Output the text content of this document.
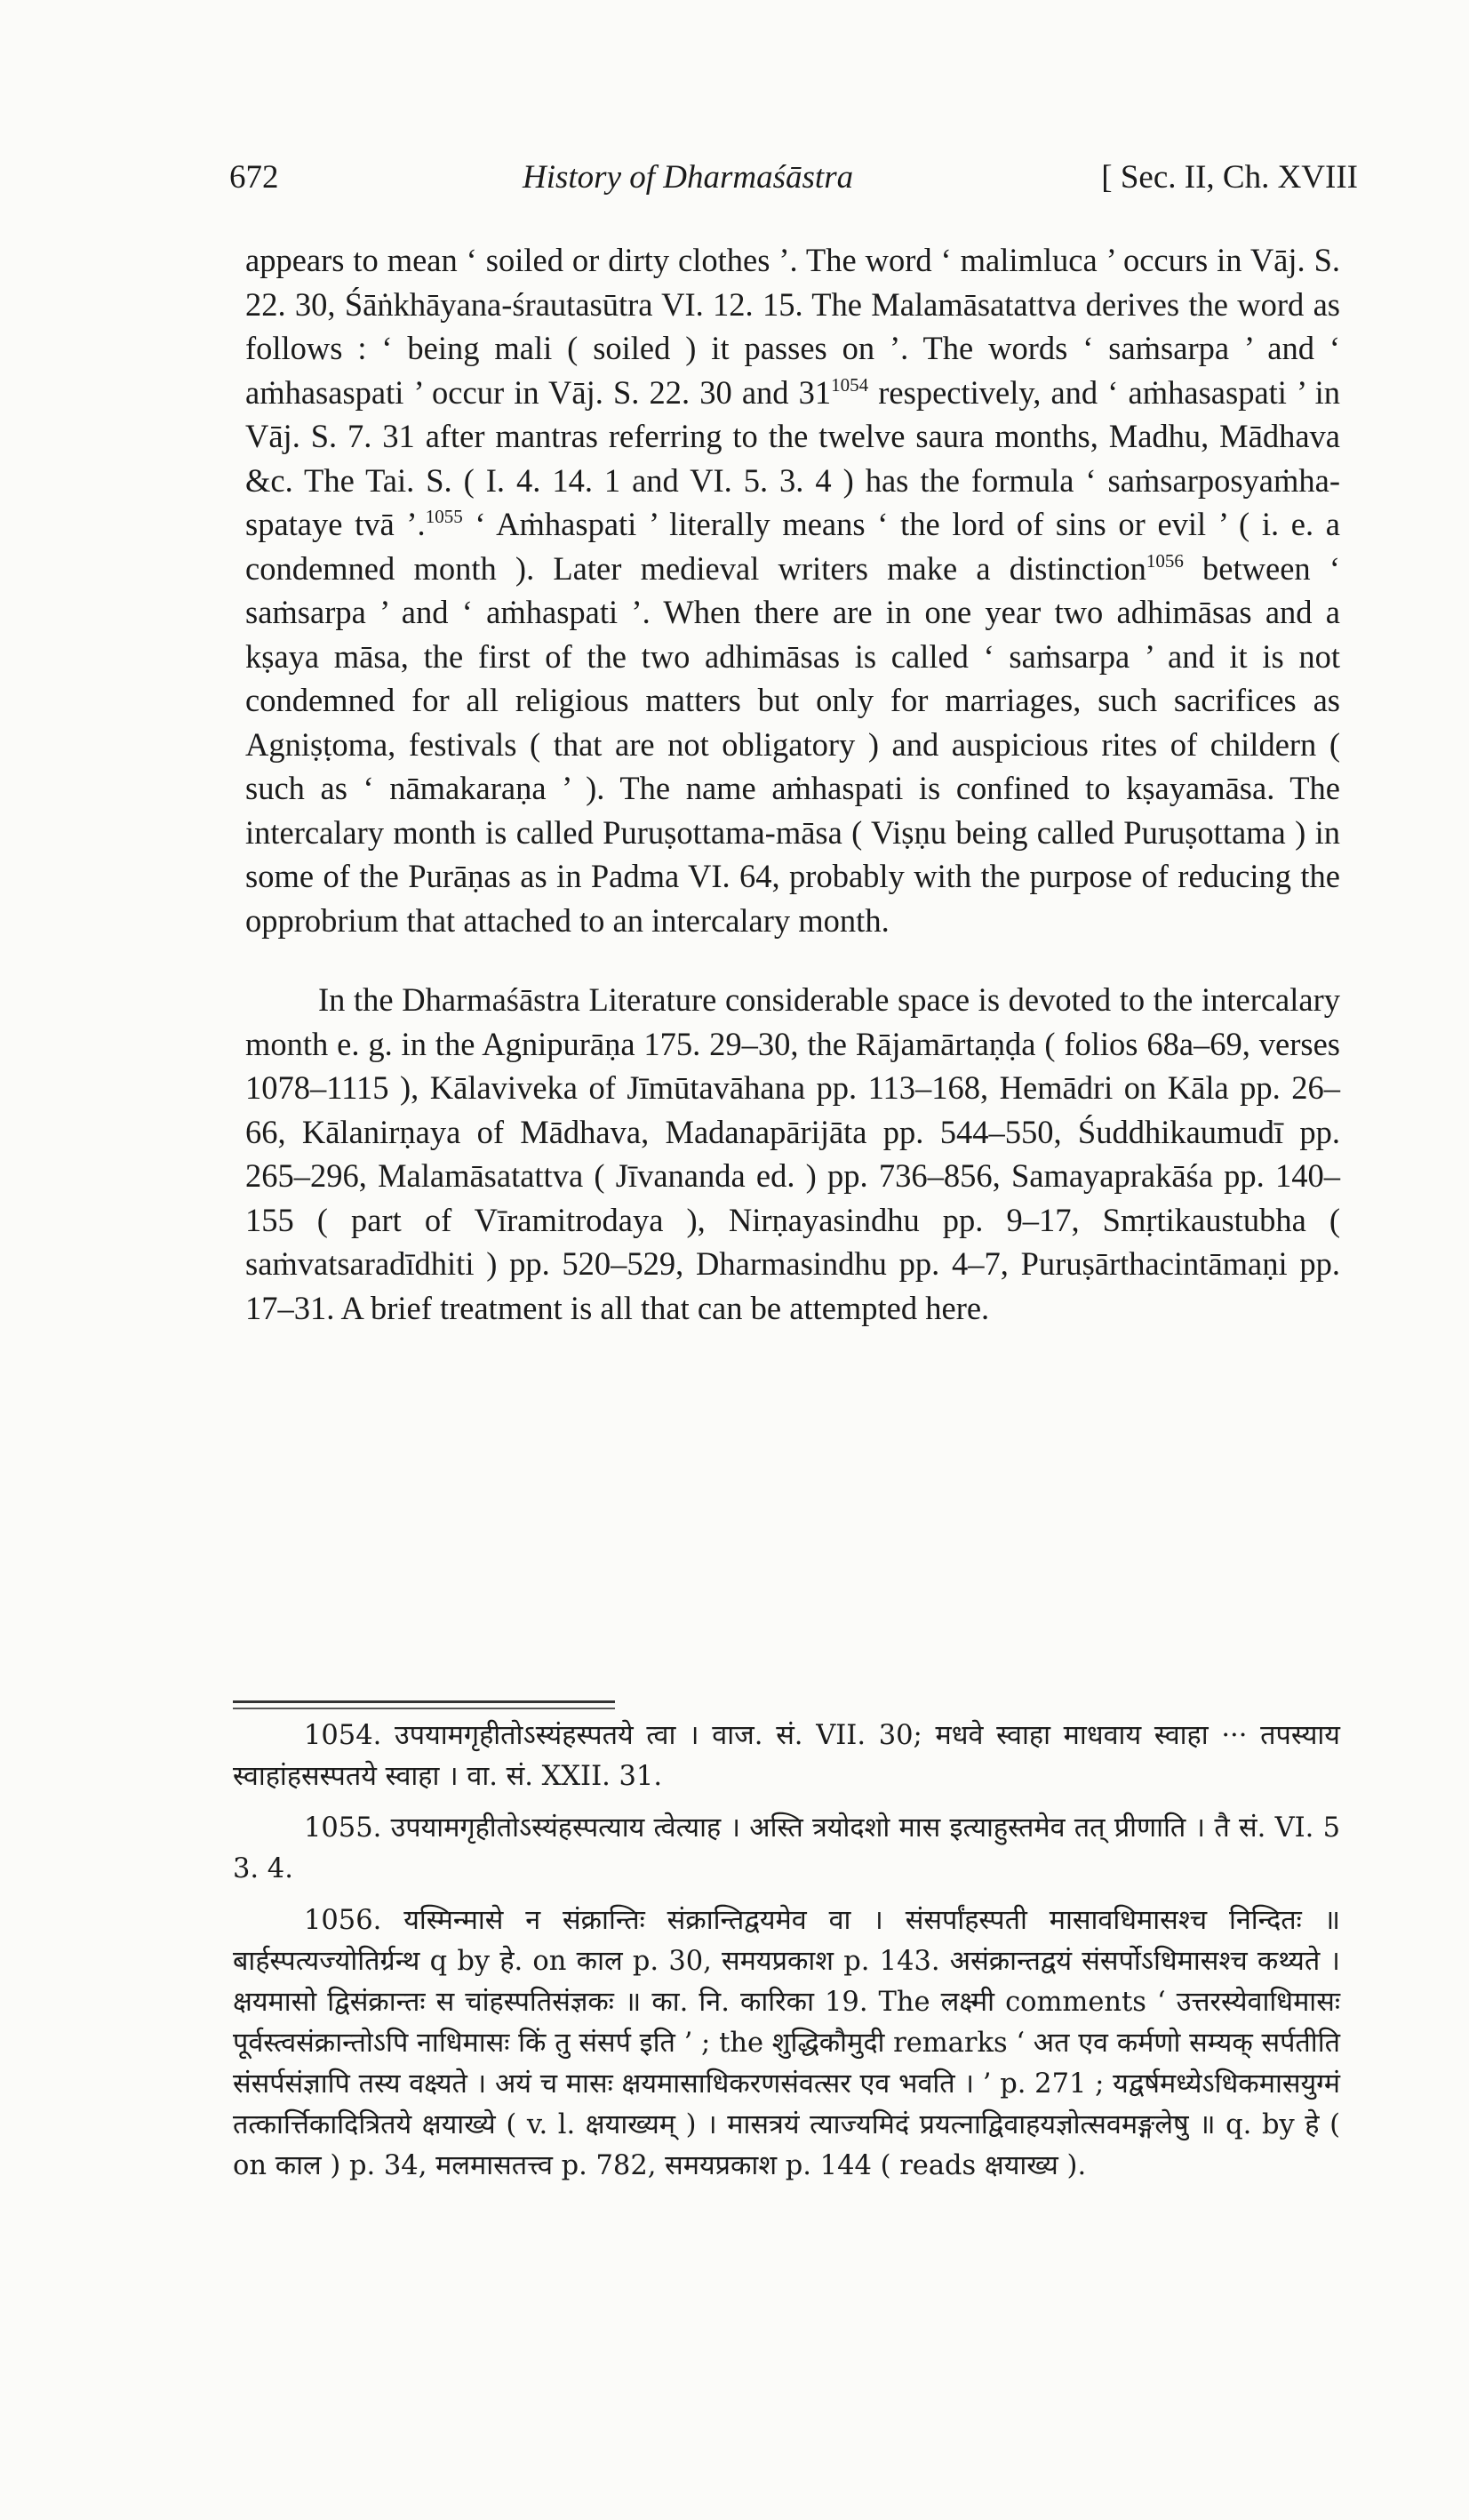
672	History of Dharmaśāstra	[ Sec. II, Ch. XVIII

appears to mean ‘ soiled or dirty clothes ’. The word ‘ malimluca ’ occurs in Vāj. S. 22. 30, Śāṅkhāyana-śrautasūtra VI. 12. 15. The Malamāsatattva derives the word as follows : ‘ being mali ( soiled ) it passes on ’. The words ‘ saṁsarpa ’ and ‘ aṁhasaspati ’ occur in Vāj. S. 22. 30 and $31^{1054}$ respectively, and ‘ aṁhasaspati ’ in Vāj. S. 7. 31 after mantras referring to the twelve saura months, Madhu, Mādhava &c. The Tai. S. ( I. 4. 14. 1 and VI. 5. 3. 4 ) has the formula ‘ saṁsarposyaṁha-spataye tvā ’.$^{1055}$ ‘ Aṁhaspati ’ literally means ‘ the lord of sins or evil ’ ( i. e. a condemned month ). Later medieval writers make a distinction$^{1056}$ between ‘ saṁsarpa ’ and ‘ aṁhaspati ’. When there are in one year two adhimāsas and a kṣaya māsa, the first of the two adhimāsas is called ‘ saṁsarpa ’ and it is not condemned for all religious matters but only for marriages, such sacrifices as Agniṣṭoma, festivals ( that are not obligatory ) and auspicious rites of childern ( such as ‘ nāmakaraṇa ’ ). The name aṁhaspati is confined to kṣayamāsa. The intercalary month is called Puruṣottama-māsa ( Viṣṇu being called Puruṣottama ) in some of the Purāṇas as in Padma VI. 64, probably with the purpose of reducing the opprobrium that attached to an intercalary month.

In the Dharmaśāstra Literature considerable space is devoted to the intercalary month e. g. in the Agnipurāṇa 175. 29–30, the Rājamārtaṇḍa ( folios 68a–69, verses 1078–1115 ), Kālaviveka of Jīmūtavāhana pp. 113–168, Hemādri on Kāla pp. 26–66, Kālanirṇaya of Mādhava, Madanapārijāta pp. 544–550, Śuddhikaumudī pp. 265–296, Malamāsatattva ( Jīvananda ed. ) pp. 736–856, Samayaprakāśa pp. 140–155 ( part of Vīramitrodaya ), Nirṇayasindhu pp. 9–17, Smṛtikaustubha ( saṁvatsaradīdhiti ) pp. 520–529, Dharmasindhu pp. 4–7, Puruṣārthacintāmaṇi pp. 17–31. A brief treatment is all that can be attempted here.

1054. उपयामगृहीतोऽस्यंहस्पतये त्वा । वाज. सं. VII. 30; मधवे स्वाहा माधवाय स्वाहा ··· तपस्याय स्वाहांहसस्पतये स्वाहा । वा. सं. XXII. 31.

1055. उपयामगृहीतोऽस्यंहस्पत्याय त्वेत्याह । अस्ति त्रयोदशो मास इत्याहुस्तमेव तत् प्रीणाति । तै सं. VI. 5 3. 4.

1056. यस्मिन्मासे न संक्रान्तिः संक्रान्तिद्वयमेव वा । संसर्पांहस्पती मासावधिमासश्च निन्दितः ॥ बार्हस्पत्यज्योतिर्ग्रन्थ q by हे. on काल p. 30, समयप्रकाश p. 143. असंक्रान्तद्वयं संसर्पोऽधिमासश्च कथ्यते । क्षयमासो द्विसंक्रान्तः स चांहस्पतिसंज्ञकः ॥ का. नि. कारिका 19. The लक्ष्मी comments ‘ उत्तरस्येवाधिमासः पूर्वस्त्वसंक्रान्तोऽपि नाधिमासः किं तु संसर्प इति ’ ; the शुद्धिकौमुदी remarks ‘ अत एव कर्मणो सम्यक् सर्पतीति संसर्पसंज्ञापि तस्य वक्ष्यते । अयं च मासः क्षयमासाधिकरणसंवत्सर एव भवति । ’ p. 271 ; यद्वर्षमध्येऽधिकमासयुग्मं तत्कार्त्तिकादित्रितये क्षयाख्ये ( v. l. क्षयाख्यम् ) । मासत्रयं त्याज्यमिदं प्रयत्नाद्विवाहयज्ञोत्सवमङ्गलेषु ॥ q. by हे ( on काल ) p. 34, मलमासतत्त्व p. 782, समयप्रकाश p. 144 ( reads क्षयाख्य ).
